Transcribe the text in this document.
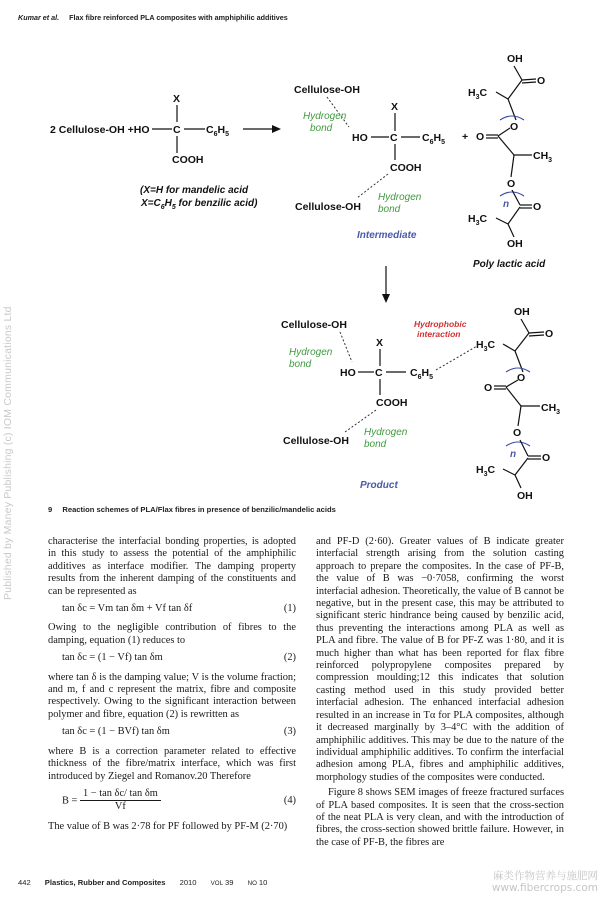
Kumar et al. Flax fibre reinforced PLA composites with amphiphilic additives
Published by Maney Publishing (c) IOM Communications Ltd
2 Cellulose-OH +HO
X
C $C_6H_5$
COOH
(X=H for mandelic acid
$X=C_6H_5$ for benzilic acid)
Cellulose-OH
Hydrogen
bond
X
HO C $C_6H_5$
COOH
Cellulose-OH
Hydrogen
bond
Intermediate
+
OH
O
$H_3C$
O
O
$CH_3$
O
n O
$H_3C$
OH
Poly lactic acid
Cellulose-OH
Hydrogen
bond
X
HO C	$C_6H_5$
COOH
Cellulose-OH
Hydrogen
bond
Hydrophobic
interaction
Product
OH
O
$H_3C$
O
O
$CH_3$
O
n O
$H_3C$
OH
9 Reaction schemes of PLA/Flax fibres in presence of benzilic/mandelic acids

characterise the interfacial bonding properties, is adopted in this study to assess the potential of the amphiphilic additives as interface modifier. The damping property results from the inherent damping of the constituents and can be represented as

tan δc = Vm tan δm + Vf tan δf	(1)

Owing to the negligible contribution of fibres to the damping, equation (1) reduces to

tan δc = (1 − Vf) tan δm	(2)

where tan δ is the damping value; V is the volume fraction; and m, f and c represent the matrix, fibre and composite respectively. Owing to the significant interaction between polymer and fibre, equation (2) is rewritten as

tan δc = (1 − BVf) tan δm	(3)

where B is a correction parameter related to effective thickness of the fibre/matrix interface, which was first introduced by Ziegel and Romanov.20 Therefore

$B = \frac{\text{1 − tan δc/ tan δm}}{Vf}$	(4)

The value of B was 2·78 for PF followed by PF-M (2·70)

and PF-D (2·60). Greater values of B indicate greater interfacial strength arising from the solution casting approach to prepare the composites. In the case of PF-B, the value of B was −0·7058, confirming the worst interfacial adhesion. Theoretically, the value of B cannot be negative, but in the present case, this may be attributed to significant steric hindrance being caused by benzilic acid, thus preventing the interactions among PLA as well as PLA and fibre. The value of B for PF-Z was 1·80, and it is much higher than what has been reported for flax fibre reinforced polypropylene composites prepared by compression moulding;12 this indicates that solution casting method used in this study provided better interfacial adhesion. The enhanced interfacial adhesion resulted in an increase in Tα for PLA composites, although it decreased marginally by 3–4°C with the addition of amphiphilic additives. This may be due to the nature of the individual amphiphilic additives. To confirm the interfacial adhesion among PLA, fibres and amphiphilic additives, morphology studies of the composites were conducted.

Figure 8 shows SEM images of freeze fractured surfaces of PLA based composites. It is seen that the cross-section of the neat PLA is very clean, and with the introduction of fibres, the cross-section showed brittle failure. However, in the case of PF-B, the fibres are

442 Plastics, Rubber and Composites 2010 VOL 39 NO 10
麻类作物营养与施肥网
www.fibercrops.com
